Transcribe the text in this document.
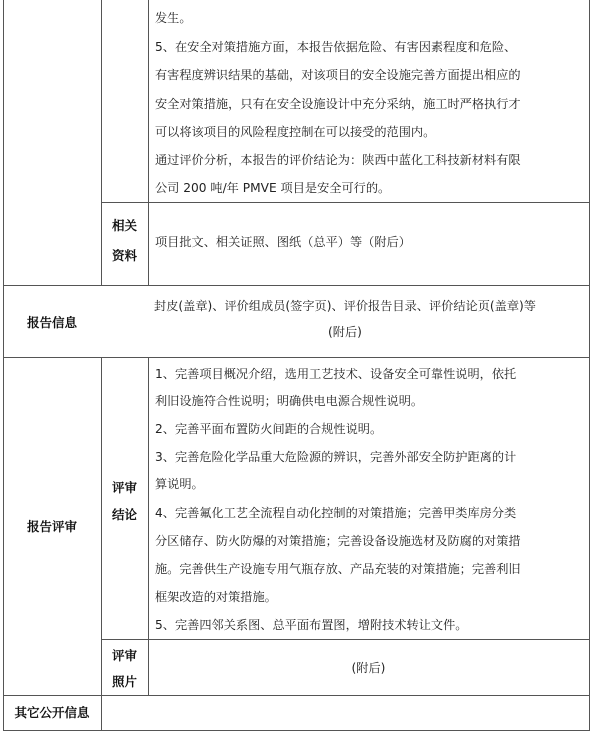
发生。
5、在安全对策措施方面，本报告依据危险、有害因素程度和危险、
有害程度辨识结果的基础，对该项目的安全设施完善方面提出相应的
安全对策措施，只有在安全设施设计中充分采纳，施工时严格执行才
可以将该项目的风险程度控制在可以接受的范围内。
通过评价分析，本报告的评价结论为：陕西中蓝化工科技新材料有限
公司 200 吨/年 PMVE 项目是安全可行的。
相关
资料
项目批文、相关证照、图纸（总平）等（附后）
报告信息
封皮(盖章)、评价组成员(签字页)、评价报告目录、评价结论页(盖章)等
(附后)
报告评审
评审
结论
1、完善项目概况介绍，选用工艺技术、设备安全可靠性说明，依托
利旧设施符合性说明；明确供电电源合规性说明。
2、完善平面布置防火间距的合规性说明。
3、完善危险化学品重大危险源的辨识，完善外部安全防护距离的计
算说明。
4、完善氟化工艺全流程自动化控制的对策措施；完善甲类库房分类
分区储存、防火防爆的对策措施；完善设备设施选材及防腐的对策措
施。完善供生产设施专用气瓶存放、产品充装的对策措施；完善利旧
框架改造的对策措施。
5、完善四邻关系图、总平面布置图，增附技术转让文件。
评审
照片
(附后)
其它公开信息
